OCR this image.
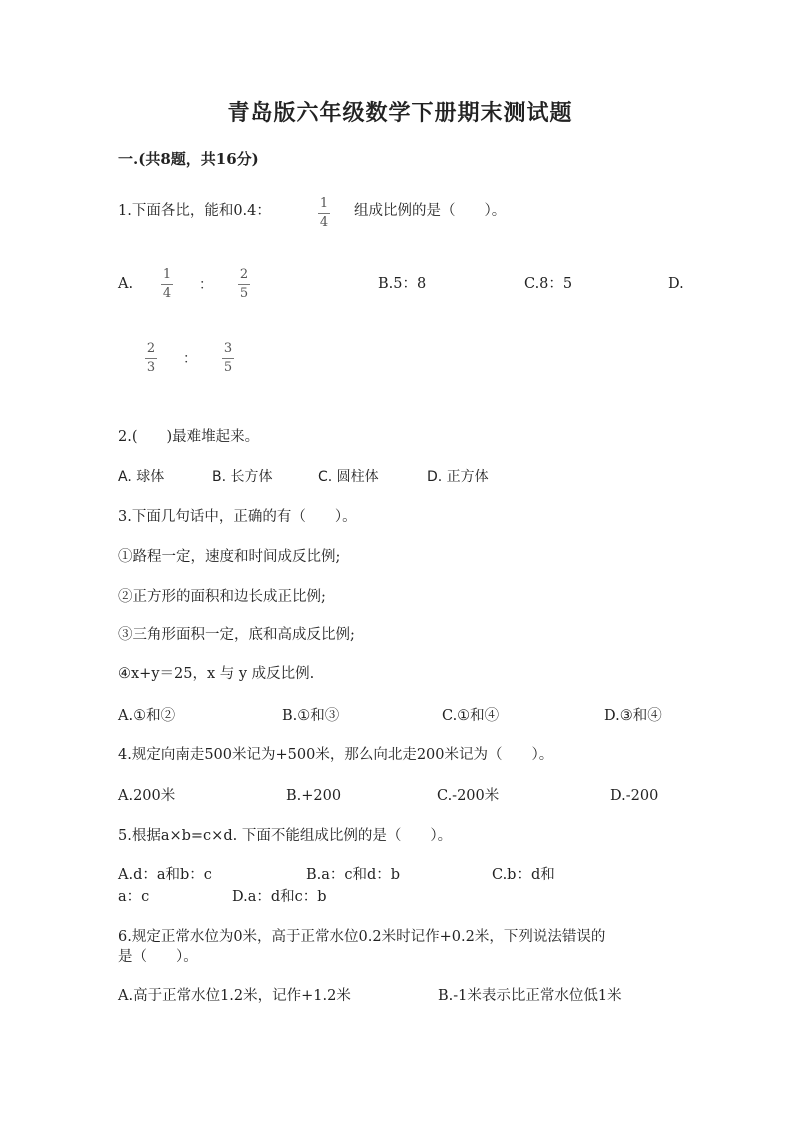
青岛版六年级数学下册期末测试题
一.(共8题，共16分)
1.下面各比，能和0.4：	1
4
组成比例的是（　　）。
A.
1
4
：
2
5
B.5：8	C.8：5	D.
2
3
：
3
5
2.(　　)最难堆起来。
A. 球体	B. 长方体	C. 圆柱体	D. 正方体
3.下面几句话中，正确的有（　　）。
①路程一定，速度和时间成反比例;
②正方形的面积和边长成正比例;
③三角形面积一定，底和高成反比例;
④x+y＝25，x 与 y 成反比例.
A.①和②	B.①和③	C.①和④	D.③和④
4.规定向南走500米记为+500米，那么向北走200米记为（　　）。
A.200米	B.+200	C.-200米	D.-200
5.根据a×b=c×d. 下面不能组成比例的是（　　）。
A.d：a和b：c	B.a：c和d：b	C.b：d和
a：c	D.a：d和c：b
6.规定正常水位为0米，高于正常水位0.2米时记作+0.2米，下列说法错误的
是（　　）。
A.高于正常水位1.2米，记作+1.2米	B.-1米表示比正常水位低1米
